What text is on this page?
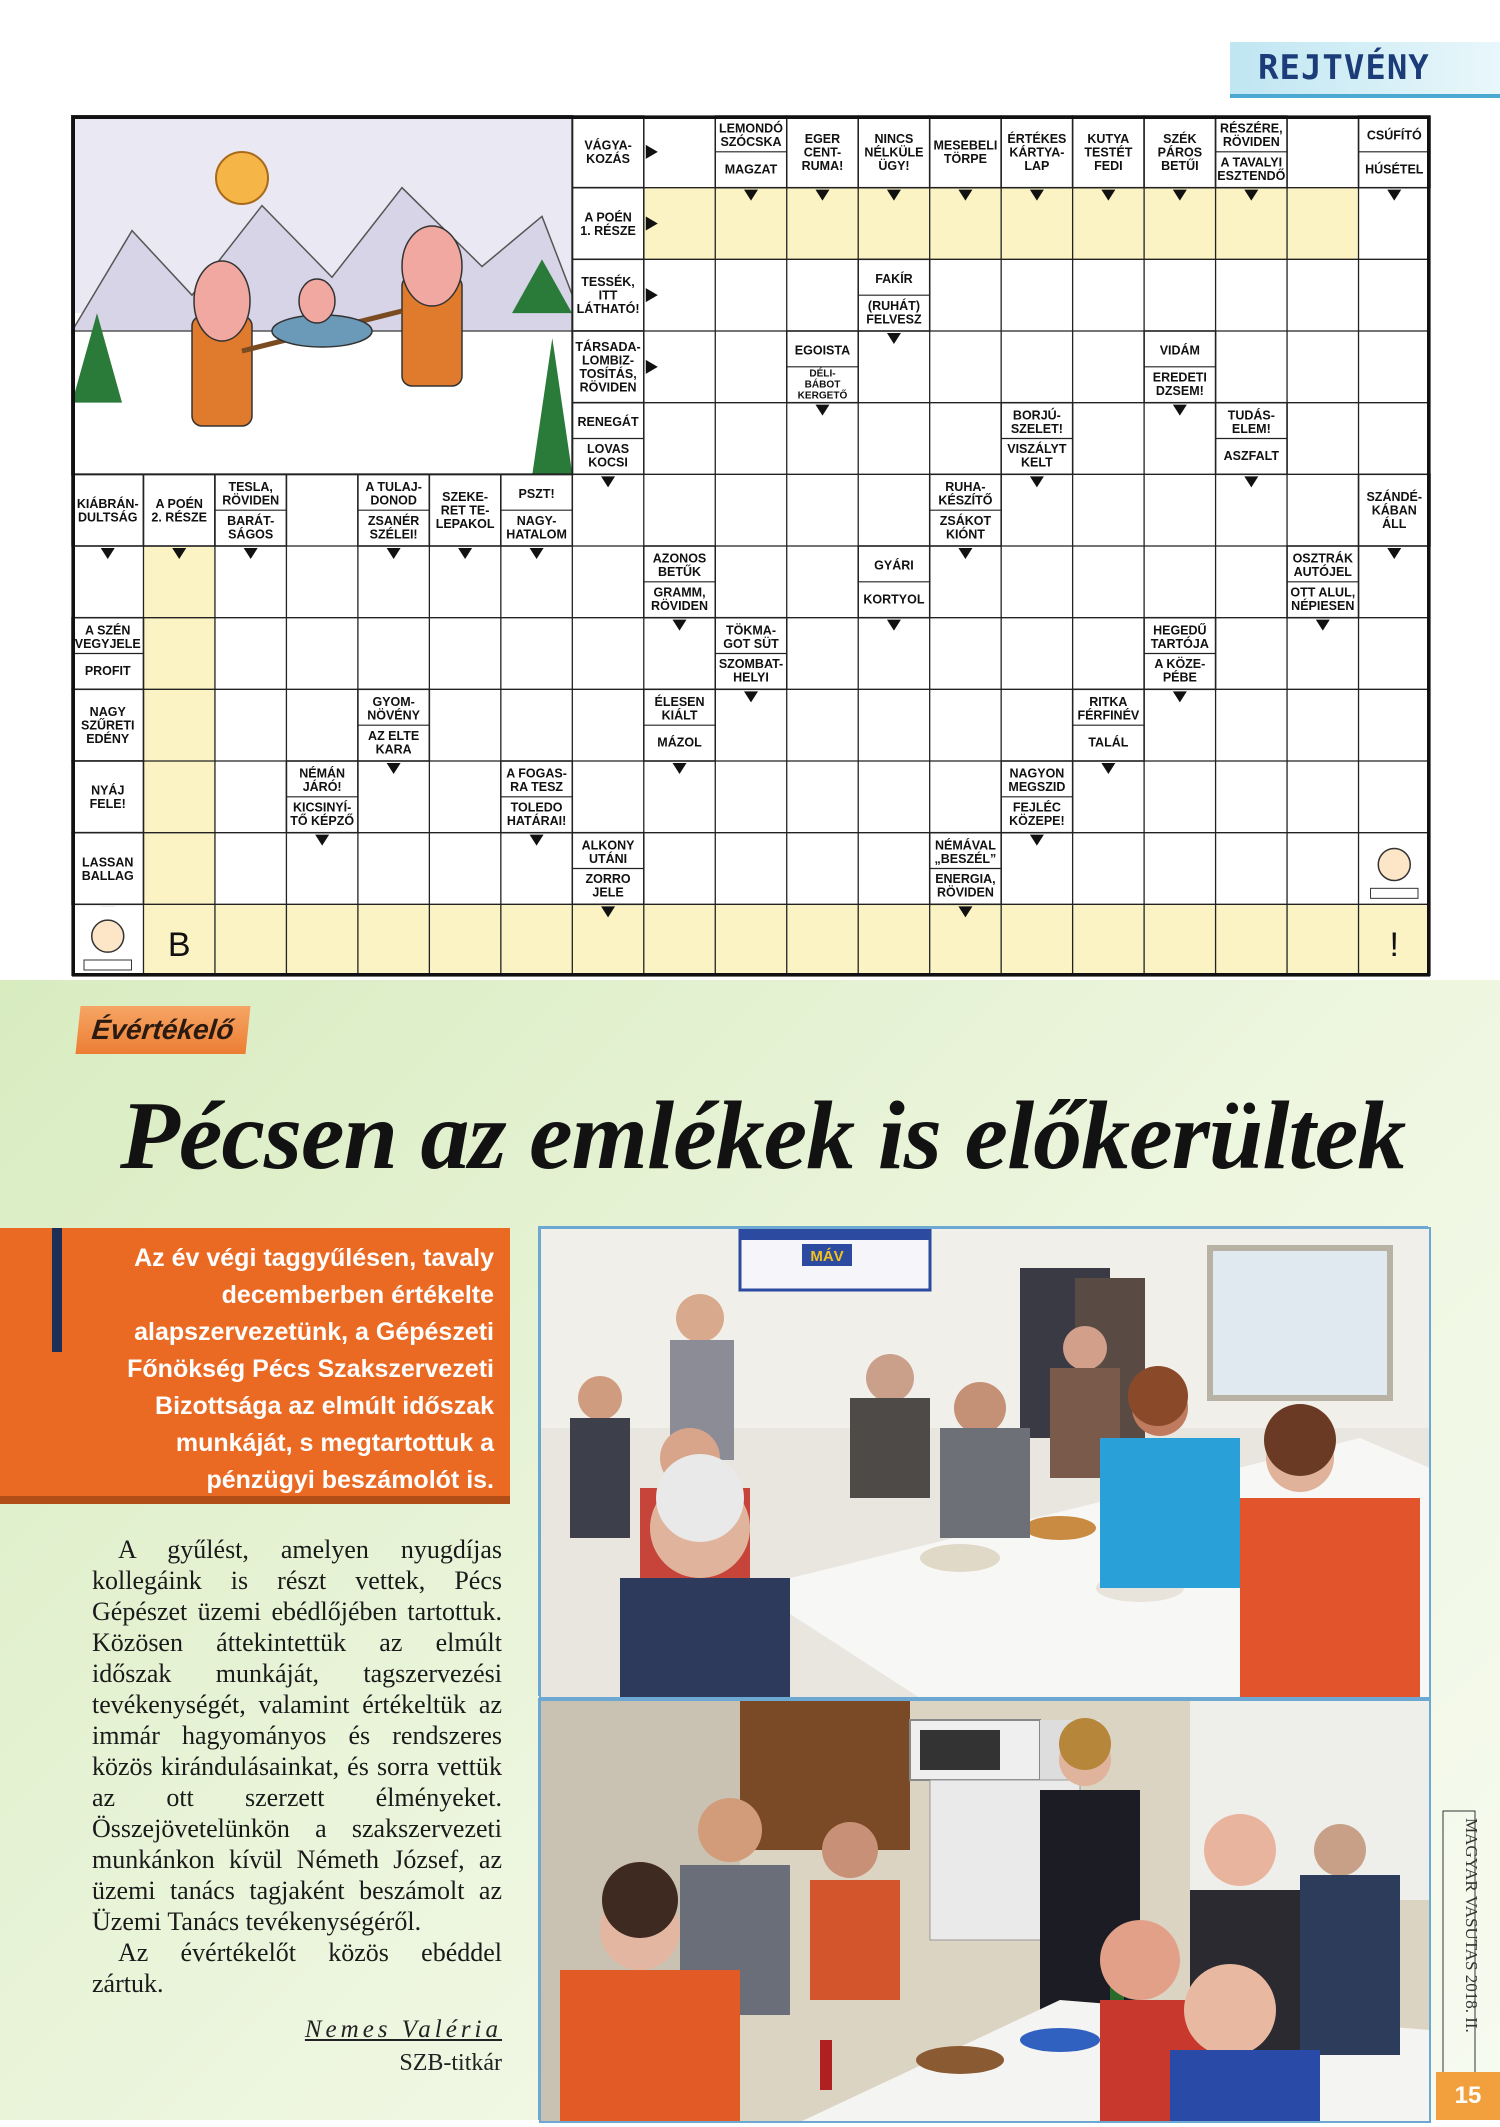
REJTVÉNY
VÁGYA-KOZÁS
LEMONDÓ SZÓCSKA
MAGZAT
EGER CENT-RUMA!
NINCS NÉLKÜLE ÜGY!
MESEBELI TÖRPE
ÉRTÉKES KÁRTYA-LAP
KUTYA TESTÉT FEDI
SZÉK PÁROS BETŰI
RÉSZÉRE, RÖVIDEN
A TAVALYI ESZTENDŐ
CSÚFÍTÓ
HÚSÉTEL
A POÉN 1. RÉSZE
TESSÉK, ITT LÁTHATÓ!
FAKÍR
(RUHÁT) FELVESZ
TÁRSADA-LOMBIZ-TOSÍTÁS, RÖVIDEN
EGOISTA
DÉLI-BÁBOT KERGETŐ
VIDÁM
EREDETI DZSEM!
RENEGÁT
LOVAS KOCSI
BORJÚ-SZELET!
VISZÁLYT KELT
TUDÁS-ELEM!
ASZFALT
KIÁBRÁN-DULTSÁG
A POÉN 2. RÉSZE
TESLA, RÖVIDEN
BARÁT-SÁGOS
A TULAJ-DONOD
ZSANÉR SZÉLEI!
SZEKE-RET TE-LEPAKOL
PSZT!
NAGY-HATALOM
RUHA-KÉSZÍTŐ
ZSÁKOT KIÓNT
SZÁNDÉ-KÁBAN ÁLL
AZONOS BETŰK
GRAMM, RÖVIDEN
GYÁRI
KORTYOL
OSZTRÁK AUTÓJEL
OTT ALUL, NÉPIESEN
A SZÉN VEGYJELE
PROFIT
TÖKMA-GOT SÜT
SZOMBAT-HELYI
HEGEDŰ TARTÓJA
A KÖZE-PÉBE
NAGY SZŰRETI EDÉNY
GYOM-NÖVÉNY
AZ ELTE KARA
ÉLESEN KIÁLT
MÁZOL
RITKA FÉRFINÉV
TALÁL
NYÁJ FELE!
NÉMÁN JÁRÓ!
KICSINYÍ-TŐ KÉPZŐ
A FOGAS-RA TESZ
TOLEDO HATÁRAI!
NAGYON MEGSZID
FEJLÉC KÖZEPE!
LASSAN BALLAG
ALKONY UTÁNI
ZORRO JELE
NÉMÁVAL „BESZÉL”
ENERGIA, RÖVIDEN
B	!
Évértékelő
Pécsen az emlékek is előkerültek

Az év végi taggyűlésen, tavaly decemberben értékelte alapszervezetünk, a Gépészeti Főnökség Pécs Szakszervezeti Bizottsága az elmúlt időszak munkáját, s megtartottuk a pénzügyi beszámolót is.

A gyűlést, amelyen nyugdíjas kollegáink is részt vettek, Pécs Gépészet üzemi ebédlőjében tartottuk. Közösen áttekintettük az elmúlt időszak munkáját, tagszervezési tevékenységét, valamint értékeltük az immár hagyományos és rendszeres közös kirándulásainkat, és sorra vettük az ott szerzett élményeket. Összejövetelünkön a szakszervezeti munkánkon kívül Németh József, az üzemi tanács tagjaként beszámolt az Üzemi Tanács tevékenységéről.

Az évértékelőt közös ebéddel zártuk.

Nemes Valéria
SZB-titkár
MÁV
MAGYAR VASUTAS 2018. II.
15
